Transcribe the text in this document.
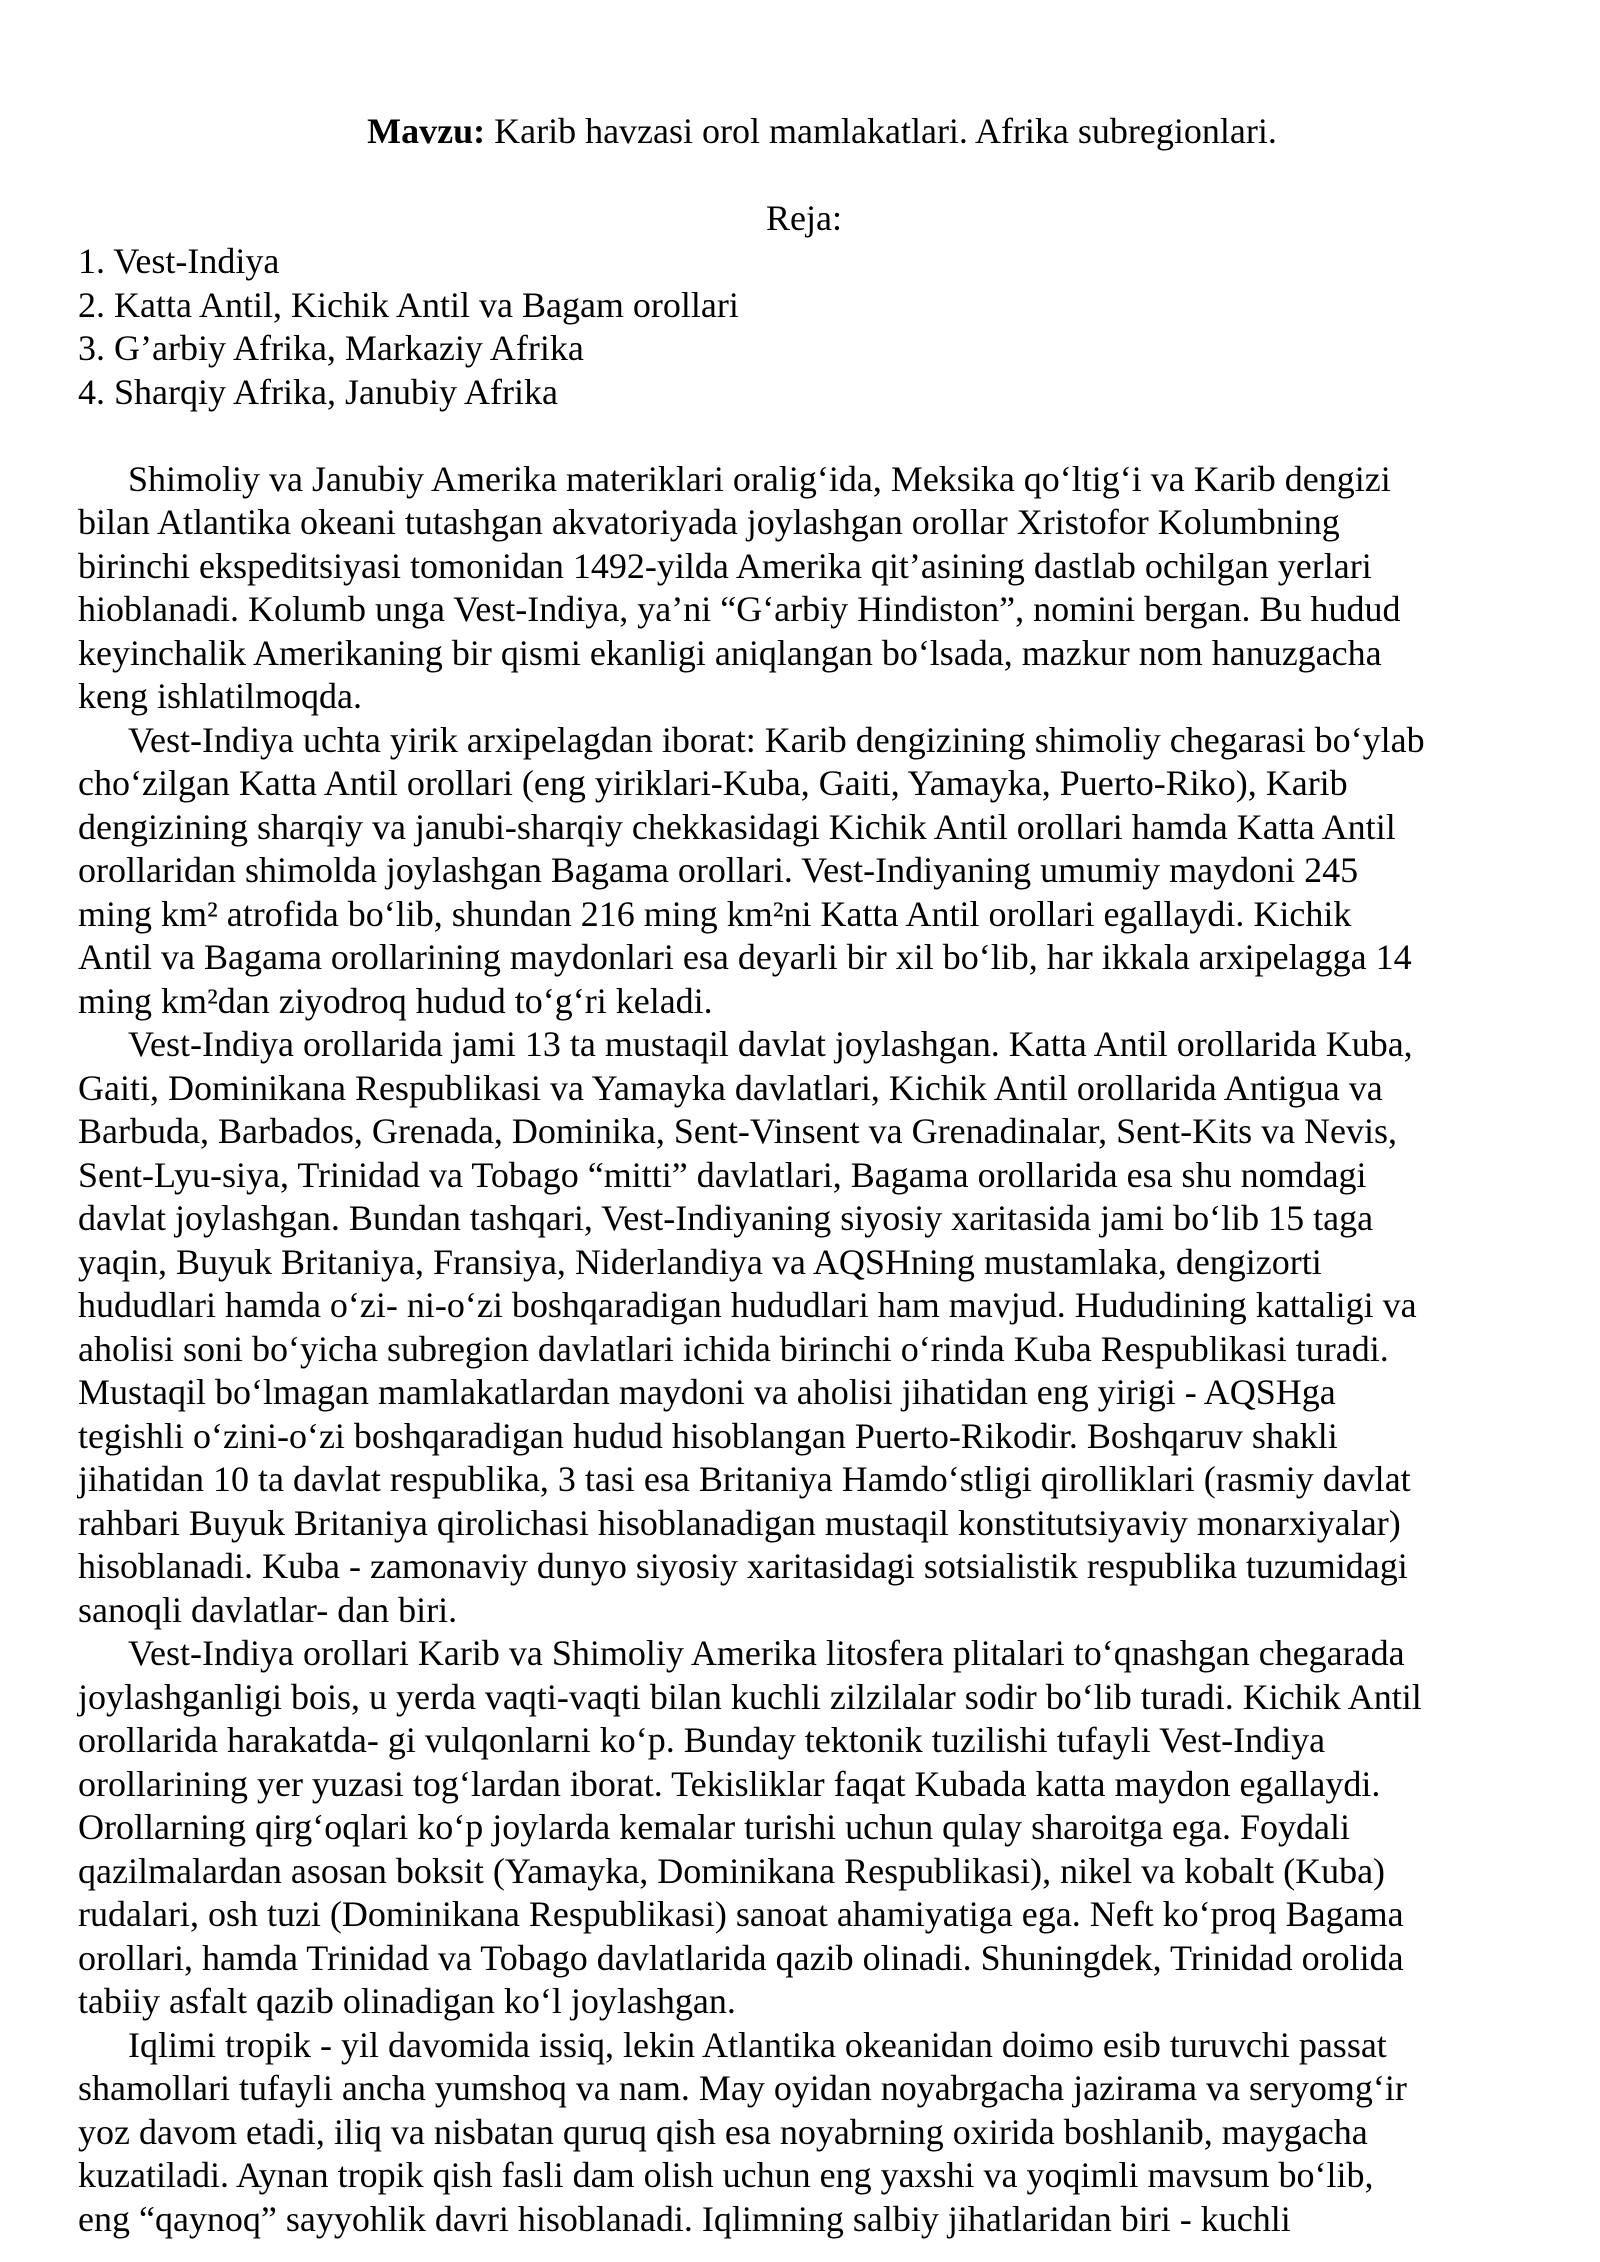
Mavzu: Karib havzasi orol mamlakatlari. Afrika subregionlari.

Reja:
1. Vest-Indiya
2. Katta Antil, Kichik Antil va Bagam orollari
3. G’arbiy Afrika, Markaziy Afrika
4. Sharqiy Afrika, Janubiy Afrika
Shimoliy va Janubiy Amerika materiklari oralig‘ida, Meksika qo‘ltig‘i va Karib dengizi
bilan Atlantika okeani tutashgan akvatoriyada joylashgan orollar Xristofor Kolumbning
birinchi ekspeditsiyasi tomonidan 1492-yilda Amerika qit’asining dastlab ochilgan yerlari
hioblanadi. Kolumb unga Vest-Indiya, ya’ni “G‘arbiy Hindiston”, nomini bergan. Bu hudud
keyinchalik Amerikaning bir qismi ekanligi aniqlangan bo‘lsada, mazkur nom hanuzgacha
keng ishlatilmoqda.
Vest-Indiya uchta yirik arxipelagdan iborat: Karib dengizining shimoliy chegarasi bo‘ylab
cho‘zilgan Katta Antil orollari (eng yiriklari-Kuba, Gaiti, Yamayka, Puerto-Riko), Karib
dengizining sharqiy va janubi-sharqiy chekkasidagi Kichik Antil orollari hamda Katta Antil
orollaridan shimolda joylashgan Bagama orollari. Vest-Indiyaning umumiy maydoni 245
ming km² atrofida bo‘lib, shundan 216 ming km²ni Katta Antil orollari egallaydi. Kichik
Antil va Bagama orollarining maydonlari esa deyarli bir xil bo‘lib, har ikkala arxipelagga 14
ming km²dan ziyodroq hudud to‘g‘ri keladi.
Vest-Indiya orollarida jami 13 ta mustaqil davlat joylashgan. Katta Antil orollarida Kuba,
Gaiti, Dominikana Respublikasi va Yamayka davlatlari, Kichik Antil orollarida Antigua va
Barbuda, Barbados, Grenada, Dominika, Sent-Vinsent va Grenadinalar, Sent-Kits va Nevis,
Sent-Lyu-siya, Trinidad va Tobago “mitti” davlatlari, Bagama orollarida esa shu nomdagi
davlat joylashgan. Bundan tashqari, Vest-Indiyaning siyosiy xaritasida jami bo‘lib 15 taga
yaqin, Buyuk Britaniya, Fransiya, Niderlandiya va AQSHning mustamlaka, dengizorti
hududlari hamda o‘zi- ni-o‘zi boshqaradigan hududlari ham mavjud. Hududining kattaligi va
aholisi soni bo‘yicha subregion davlatlari ichida birinchi o‘rinda Kuba Respublikasi turadi.
Mustaqil bo‘lmagan mamlakatlardan maydoni va aholisi jihatidan eng yirigi - AQSHga
tegishli o‘zini-o‘zi boshqaradigan hudud hisoblangan Puerto-Rikodir. Boshqaruv shakli
jihatidan 10 ta davlat respublika, 3 tasi esa Britaniya Hamdo‘stligi qirolliklari (rasmiy davlat
rahbari Buyuk Britaniya qirolichasi hisoblanadigan mustaqil konstitutsiyaviy monarxiyalar)
hisoblanadi. Kuba - zamonaviy dunyo siyosiy xaritasidagi sotsialistik respublika tuzumidagi
sanoqli davlatlar- dan biri.
Vest-Indiya orollari Karib va Shimoliy Amerika litosfera plitalari to‘qnashgan chegarada
joylashganligi bois, u yerda vaqti-vaqti bilan kuchli zilzilalar sodir bo‘lib turadi. Kichik Antil
orollarida harakatda- gi vulqonlarni ko‘p. Bunday tektonik tuzilishi tufayli Vest-Indiya
orollarining yer yuzasi tog‘lardan iborat. Tekisliklar faqat Kubada katta maydon egallaydi.
Orollarning qirg‘oqlari ko‘p joylarda kemalar turishi uchun qulay sharoitga ega. Foydali
qazilmalardan asosan boksit (Yamayka, Dominikana Respublikasi), nikel va kobalt (Kuba)
rudalari, osh tuzi (Dominikana Respublikasi) sanoat ahamiyatiga ega. Neft ko‘proq Bagama
orollari, hamda Trinidad va Tobago davlatlarida qazib olinadi. Shuningdek, Trinidad orolida
tabiiy asfalt qazib olinadigan ko‘l joylashgan.
Iqlimi tropik - yil davomida issiq, lekin Atlantika okeanidan doimo esib turuvchi passat
shamollari tufayli ancha yumshoq va nam. May oyidan noyabrgacha jazirama va seryomg‘ir
yoz davom etadi, iliq va nisbatan quruq qish esa noyabrning oxirida boshlanib, maygacha
kuzatiladi. Aynan tropik qish fasli dam olish uchun eng yaxshi va yoqimli mavsum bo‘lib,
eng “qaynoq” sayyohlik davri hisoblanadi. Iqlimning salbiy jihatlaridan biri - kuchli
